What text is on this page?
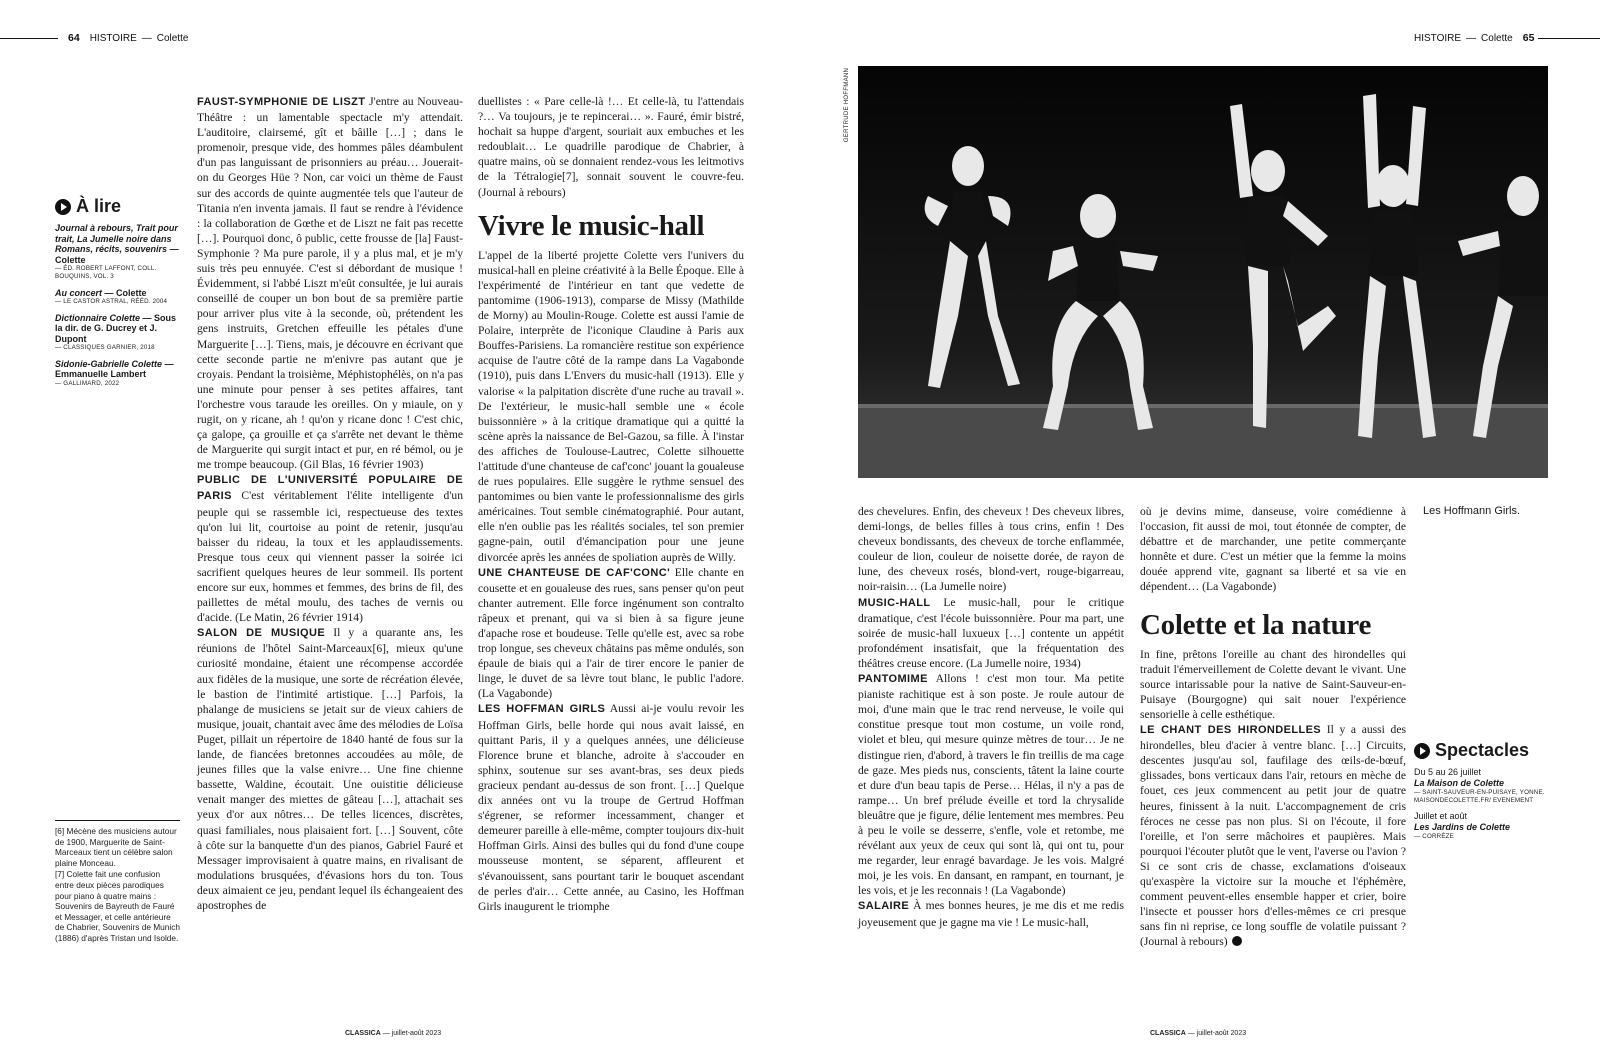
64 HISTOIRE — Colette	HISTOIRE — Colette 65
À lire
Journal à rebours, Trait pour trait, La Jumelle noire dans Romans, récits, souvenirs — Colette
— ÉD. ROBERT LAFFONT, COLL. BOUQUINS, VOL. 3
Au concert — Colette
— LE CASTOR ASTRAL, RÉÉD. 2004
Dictionnaire Colette — Sous la dir. de G. Ducrey et J. Dupont
— CLASSIQUES GARNIER, 2018
Sidonie-Gabrielle Colette — Emmanuelle Lambert
— GALLIMARD, 2022

[6] Mécène des musiciens autour de 1900, Marguerite de Saint-Marceaux tient un célèbre salon plaine Monceau.

[7] Colette fait une confusion entre deux pièces parodiques pour piano à quatre mains : Souvenirs de Bayreuth de Fauré et Messager, et celle antérieure de Chabrier, Souvenirs de Munich (1886) d'après Tristan und Isolde.

FAUST-SYMPHONIE DE LISZT J'entre au Nouveau-Théâtre : un lamentable spectacle m'y attendait. L'auditoire, clairsemé, gît et bâille […] ; dans le promenoir, presque vide, des hommes pâles déambulent d'un pas languissant de prisonniers au préau… Jouerait-on du Georges Hüe ? Non, car voici un thème de Faust sur des accords de quinte augmentée tels que l'auteur de Titania n'en inventa jamais. Il faut se rendre à l'évidence : la collaboration de Gœthe et de Liszt ne fait pas recette […]. Pourquoi donc, ô public, cette frousse de [la] Faust-Symphonie ? Ma pure parole, il y a plus mal, et je m'y suis très peu ennuyée. C'est si débordant de musique ! Évidemment, si l'abbé Liszt m'eût consultée, je lui aurais conseillé de couper un bon bout de sa première partie pour arriver plus vite à la seconde, où, prétendent les gens instruits, Gretchen effeuille les pétales d'une Marguerite […]. Tiens, mais, je découvre en écrivant que cette seconde partie ne m'enivre pas autant que je croyais. Pendant la troisième, Méphistophélès, on n'a pas une minute pour penser à ses petites affaires, tant l'orchestre vous taraude les oreilles. On y miaule, on y rugit, on y ricane, ah ! qu'on y ricane donc ! C'est chic, ça galope, ça grouille et ça s'arrête net devant le thème de Marguerite qui surgit intact et pur, en ré bémol, ou je me trompe beaucoup. (Gil Blas, 16 février 1903)

PUBLIC DE L'UNIVERSITÉ POPULAIRE DE PARIS C'est véritablement l'élite intelligente d'un peuple qui se rassemble ici, respectueuse des textes qu'on lui lit, courtoise au point de retenir, jusqu'au baisser du rideau, la toux et les applaudissements. Presque tous ceux qui viennent passer la soirée ici sacrifient quelques heures de leur sommeil. Ils portent encore sur eux, hommes et femmes, des brins de fil, des paillettes de métal moulu, des taches de vernis ou d'acide. (Le Matin, 26 février 1914)

SALON DE MUSIQUE Il y a quarante ans, les réunions de l'hôtel Saint-Marceaux[6], mieux qu'une curiosité mondaine, étaient une récompense accordée aux fidèles de la musique, une sorte de récréation élevée, le bastion de l'intimité artistique. […] Parfois, la phalange de musiciens se jetait sur de vieux cahiers de musique, jouait, chantait avec âme des mélodies de Loïsa Puget, pillait un répertoire de 1840 hanté de fous sur la lande, de fiancées bretonnes accoudées au môle, de jeunes filles que la valse enivre… Une fine chienne bassette, Waldine, écoutait. Une ouistitie délicieuse venait manger des miettes de gâteau […], attachait ses yeux d'or aux nôtres… De telles licences, discrètes, quasi familiales, nous plaisaient fort. […] Souvent, côte à côte sur la banquette d'un des pianos, Gabriel Fauré et Messager improvisaient à quatre mains, en rivalisant de modulations brusquées, d'évasions hors du ton. Tous deux aimaient ce jeu, pendant lequel ils échangeaient des apostrophes de

duellistes : « Pare celle-là !… Et celle-là, tu l'attendais ?… Va toujours, je te repincerai… ». Fauré, émir bistré, hochait sa huppe d'argent, souriait aux embuches et les redoublait… Le quadrille parodique de Chabrier, à quatre mains, où se donnaient rendez-vous les leitmotivs de la Tétralogie[7], sonnait souvent le couvre-feu. (Journal à rebours)

Vivre le music-hall

L'appel de la liberté projette Colette vers l'univers du musical-hall en pleine créativité à la Belle Époque. Elle à l'expérimenté de l'intérieur en tant que vedette de pantomime (1906-1913), comparse de Missy (Mathilde de Morny) au Moulin-Rouge. Colette est aussi l'amie de Polaire, interprète de l'iconique Claudine à Paris aux Bouffes-Parisiens. La romancière restitue son expérience acquise de l'autre côté de la rampe dans La Vagabonde (1910), puis dans L'Envers du music-hall (1913). Elle y valorise « la palpitation discrète d'une ruche au travail ». De l'extérieur, le music-hall semble une « école buissonnière » à la critique dramatique qui a quitté la scène après la naissance de Bel-Gazou, sa fille. À l'instar des affiches de Toulouse-Lautrec, Colette silhouette l'attitude d'une chanteuse de caf'conc' jouant la goualeuse de rues populaires. Elle suggère le rythme sensuel des pantomimes ou bien vante le professionnalisme des girls américaines. Tout semble cinématographié. Pour autant, elle n'en oublie pas les réalités sociales, tel son premier gagne-pain, outil d'émancipation pour une jeune divorcée après les années de spoliation auprès de Willy.

UNE CHANTEUSE DE CAF'CONC' Elle chante en cousette et en goualeuse des rues, sans penser qu'on peut chanter autrement. Elle force ingénument son contralto râpeux et prenant, qui va si bien à sa figure jeune d'apache rose et boudeuse. Telle qu'elle est, avec sa robe trop longue, ses cheveux châtains pas même ondulés, son épaule de biais qui a l'air de tirer encore le panier de linge, le duvet de sa lèvre tout blanc, le public l'adore. (La Vagabonde)

LES HOFFMAN GIRLS Aussi ai-je voulu revoir les Hoffman Girls, belle horde qui nous avait laissé, en quittant Paris, il y a quelques années, une délicieuse Florence brune et blanche, adroite à s'accouder en sphinx, soutenue sur ses avant-bras, ses deux pieds gracieux pendant au-dessus de son front. […] Quelque dix années ont vu la troupe de Gertrud Hoffman s'égrener, se reformer incessamment, changer et demeurer pareille à elle-même, compter toujours dix-huit Hoffman Girls. Ainsi des bulles qui du fond d'une coupe mousseuse montent, se séparent, affleurent et s'évanouissent, sans pourtant tarir le bouquet ascendant de perles d'air… Cette année, au Casino, les Hoffman Girls inaugurent le triomphe

GERTRUDE HOFFMANN
Les Hoffmann Girls.

des chevelures. Enfin, des cheveux ! Des cheveux libres, demi-longs, de belles filles à tous crins, enfin ! Des cheveux bondissants, des cheveux de torche enflammée, couleur de lion, couleur de noisette dorée, de rayon de lune, des cheveux rosés, blond-vert, rouge-bigarreau, noir-raisin… (La Jumelle noire)

MUSIC-HALL Le music-hall, pour le critique dramatique, c'est l'école buissonnière. Pour ma part, une soirée de music-hall luxueux […] contente un appétit profondément insatisfait, que la fréquentation des théâtres creuse encore. (La Jumelle noire, 1934)

PANTOMIME Allons ! c'est mon tour. Ma petite pianiste rachitique est à son poste. Je roule autour de moi, d'une main que le trac rend nerveuse, le voile qui constitue presque tout mon costume, un voile rond, violet et bleu, qui mesure quinze mètres de tour… Je ne distingue rien, d'abord, à travers le fin treillis de ma cage de gaze. Mes pieds nus, conscients, tâtent la laine courte et dure d'un beau tapis de Perse… Hélas, il n'y a pas de rampe… Un bref prélude éveille et tord la chrysalide bleuâtre que je figure, délie lentement mes membres. Peu à peu le voile se desserre, s'enfle, vole et retombe, me révélant aux yeux de ceux qui sont là, qui ont tu, pour me regarder, leur enragé bavardage. Je les vois. Malgré moi, je les vois. En dansant, en rampant, en tournant, je les vois, et je les reconnais ! (La Vagabonde)

SALAIRE À mes bonnes heures, je me dis et me redis joyeusement que je gagne ma vie ! Le music-hall,

où je devins mime, danseuse, voire comédienne à l'occasion, fit aussi de moi, tout étonnée de compter, de débattre et de marchander, une petite commerçante honnête et dure. C'est un métier que la femme la moins douée apprend vite, gagnant sa liberté et sa vie en dépendent… (La Vagabonde)

Colette et la nature

In fine, prêtons l'oreille au chant des hirondelles qui traduit l'émerveillement de Colette devant le vivant. Une source intarissable pour la native de Saint-Sauveur-en-Puisaye (Bourgogne) qui sait nouer l'expérience sensorielle à celle esthétique.

LE CHANT DES HIRONDELLES Il y a aussi des hirondelles, bleu d'acier à ventre blanc. […] Circuits, descentes jusqu'au sol, faufilage des œils-de-bœuf, glissades, bons verticaux dans l'air, retours en mèche de fouet, ces jeux commencent au petit jour de quatre heures, finissent à la nuit. L'accompagnement de cris féroces ne cesse pas non plus. Si on l'écoute, il fore l'oreille, et l'on serre mâchoires et paupières. Mais pourquoi l'écouter plutôt que le vent, l'averse ou l'avion ? Si ce sont cris de chasse, exclamations d'oiseaux qu'exaspère la victoire sur la mouche et l'éphémère, comment peuvent-elles ensemble happer et crier, boire l'insecte et pousser hors d'elles-mêmes ce cri presque sans fin ni reprise, ce long souffle de volatile puissant ? (Journal à rebours)

Spectacles
Du 5 au 26 juillet
La Maison de Colette
— SAINT-SAUVEUR-EN-PUISAYE, YONNE. MAISONDECOLETTE.FR/ EVENEMENT
Juillet et août
Les Jardins de Colette
— CORRÈZE
CLASSICA — juillet-août 2023	CLASSICA — juillet-août 2023
